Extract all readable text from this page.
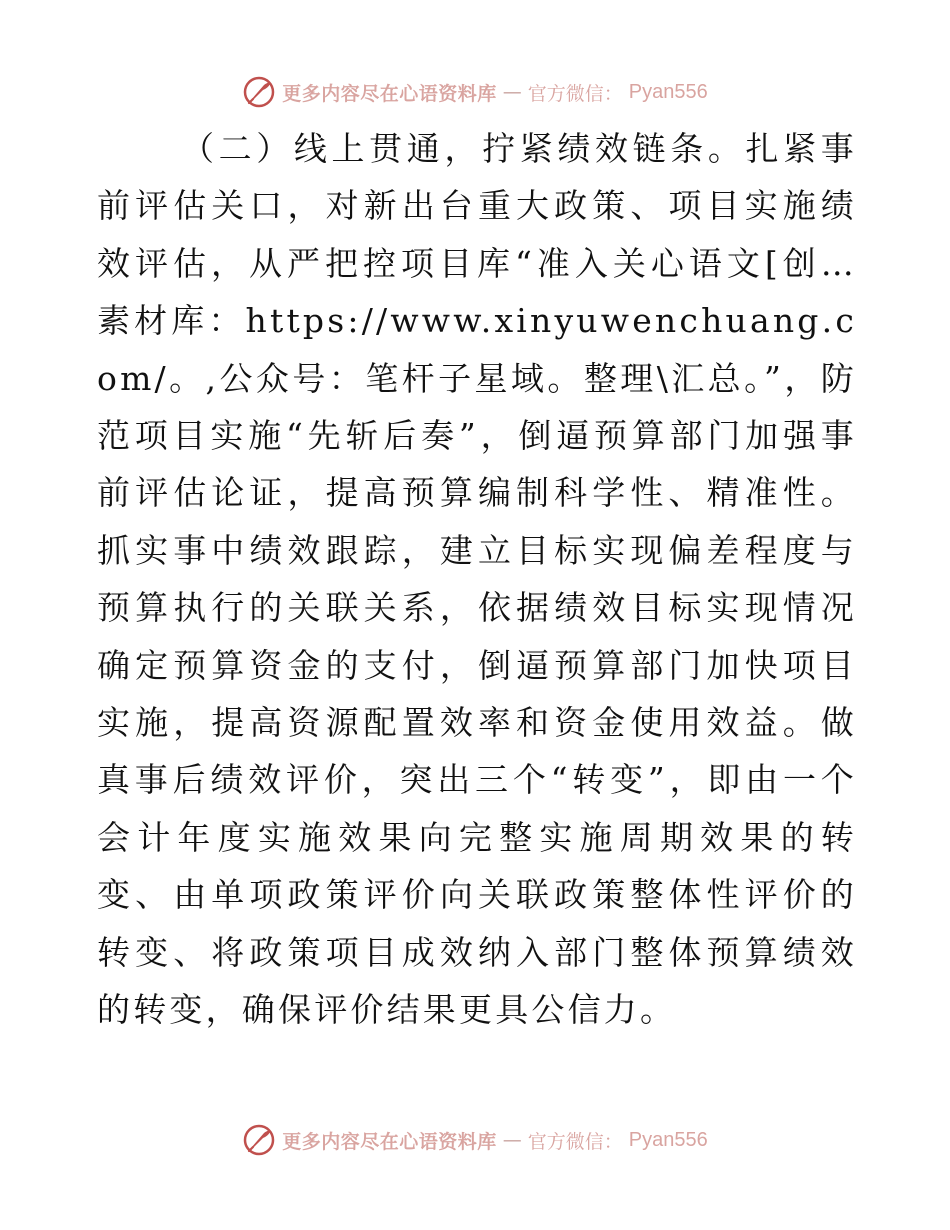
更多内容尽在心语资料库 — 官方微信： Pyan556

（二）线上贯通，拧紧绩效链条。扎紧事前评估关口，对新出台重大政策、项目实施绩效评估，从严把控项目库“准入关心语文[创…素材库：https://www.xinyuwenchuang.com/。,公众号：笔杆子星域。整理\汇总。”，防范项目实施“先斩后奏”，倒逼预算部门加强事前评估论证，提高预算编制科学性、精准性。抓实事中绩效跟踪，建立目标实现偏差程度与预算执行的关联关系，依据绩效目标实现情况确定预算资金的支付，倒逼预算部门加快项目实施，提高资源配置效率和资金使用效益。做真事后绩效评价，突出三个“转变”，即由一个会计年度实施效果向完整实施周期效果的转变、由单项政策评价向关联政策整体性评价的转变、将政策项目成效纳入部门整体预算绩效的转变，确保评价结果更具公信力。

更多内容尽在心语资料库 — 官方微信： Pyan556
